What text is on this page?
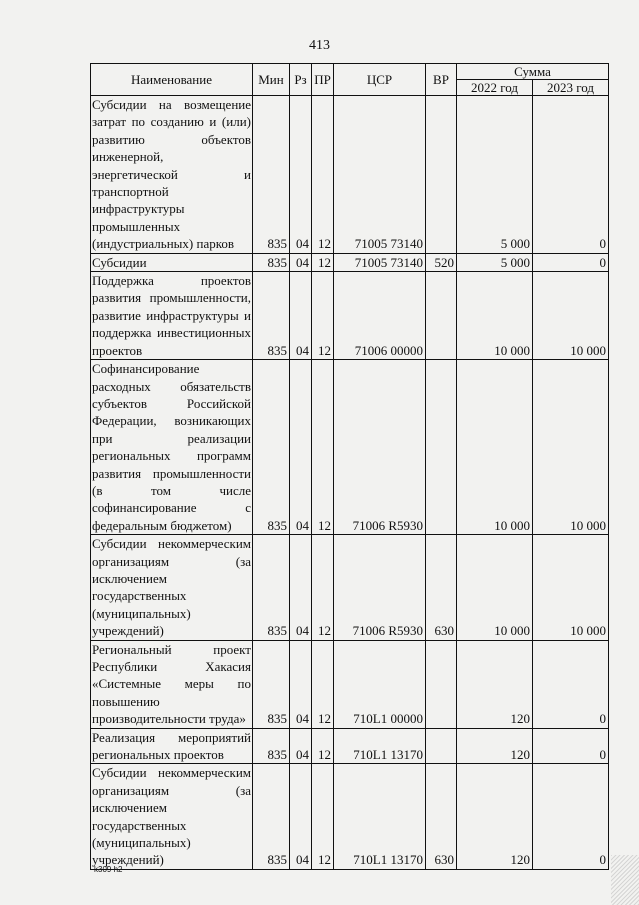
413
Наименование	Мин	Рз	ПР	ЦСР	ВР	Сумма	
						2022 год	2023 год
Субсидии на возмещение затрат по созданию и (или) развитию объектов инженерной, энергетической и транспортной инфраструктуры промышленных (индустриальных) парков	835	04	12	71005 73140		5 000	0
Субсидии	835	04	12	71005 73140	520	5 000	0
Поддержка проектов развития промышленности, развитие инфраструктуры и поддержка инвестиционных проектов	835	04	12	71006 00000		10 000	10 000
Софинансирование расходных обязательств субъектов Российской Федерации, возникающих при реализации региональных программ развития промышленности (в том числе софинансирование с федеральным бюджетом)	835	04	12	71006 R5930		10 000	10 000
Субсидии некоммерческим организациям (за исключением государственных (муниципальных) учреждений)	835	04	12	71006 R5930	630	10 000	10 000
Региональный проект Республики Хакасия «Системные меры по повышению производительности труда»	835	04	12	710L1 00000		120	0
Реализация мероприятий региональных проектов	835	04	12	710L1 13170		120	0
Субсидии некоммерческим организациям (за исключением государственных (муниципальных) учреждений)	835	04	12	710L1 13170	630	120	0
k309 h2
